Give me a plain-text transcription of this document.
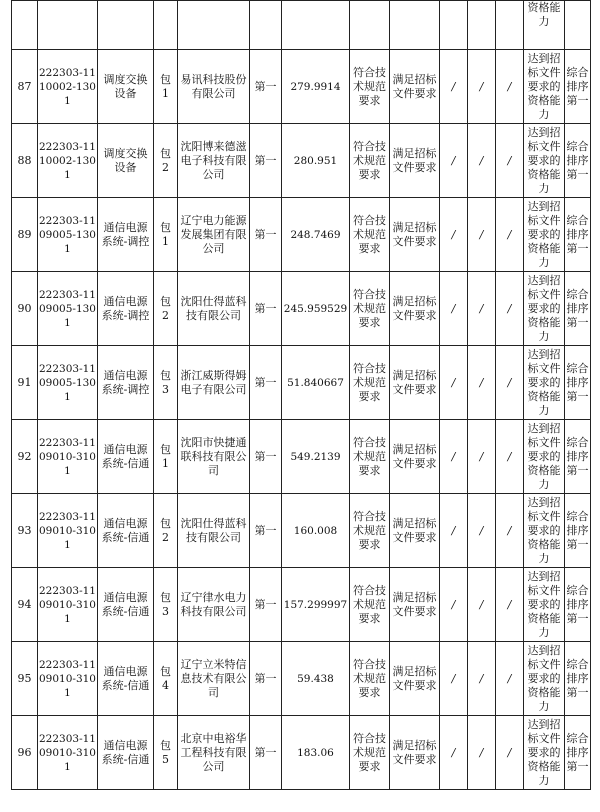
												资格能力	
87	222303-1110002-1301	调度交换设备	包 1	易讯科技股份有限公司	第一	279.9914	符合技术规范要求	满足招标文件要求	/	/	/	达到招标文件要求的资格能力	综合排序第一
88	222303-1110002-1301	调度交换设备	包 2	沈阳博来德滋电子科技有限公司	第一	280.951	符合技术规范要求	满足招标文件要求	/	/	/	达到招标文件要求的资格能力	综合排序第一
89	222303-1109005-1301	通信电源系统-调控	包 1	辽宁电力能源发展集团有限公司	第一	248.7469	符合技术规范要求	满足招标文件要求	/	/	/	达到招标文件要求的资格能力	综合排序第一
90	222303-1109005-1301	通信电源系统-调控	包 2	沈阳仕得蓝科技有限公司	第一	245.959529	符合技术规范要求	满足招标文件要求	/	/	/	达到招标文件要求的资格能力	综合排序第一
91	222303-1109005-1301	通信电源系统-调控	包 3	浙江威斯得姆电子有限公司	第一	51.840667	符合技术规范要求	满足招标文件要求	/	/	/	达到招标文件要求的资格能力	综合排序第一
92	222303-1109010-3101	通信电源系统-信通	包 1	沈阳市快捷通联科技有限公司	第一	549.2139	符合技术规范要求	满足招标文件要求	/	/	/	达到招标文件要求的资格能力	综合排序第一
93	222303-1109010-3101	通信电源系统-信通	包 2	沈阳仕得蓝科技有限公司	第一	160.008	符合技术规范要求	满足招标文件要求	/	/	/	达到招标文件要求的资格能力	综合排序第一
94	222303-1109010-3101	通信电源系统-信通	包 3	辽宁律水电力科技有限公司	第一	157.299997	符合技术规范要求	满足招标文件要求	/	/	/	达到招标文件要求的资格能力	综合排序第一
95	222303-1109010-3101	通信电源系统-信通	包 4	辽宁立米特信息技术有限公司	第一	59.438	符合技术规范要求	满足招标文件要求	/	/	/	达到招标文件要求的资格能力	综合排序第一
96	222303-1109010-3101	通信电源系统-信通	包 5	北京中电裕华工程科技有限公司	第一	183.06	符合技术规范要求	满足招标文件要求	/	/	/	达到招标文件要求的资格能力	综合排序第一
